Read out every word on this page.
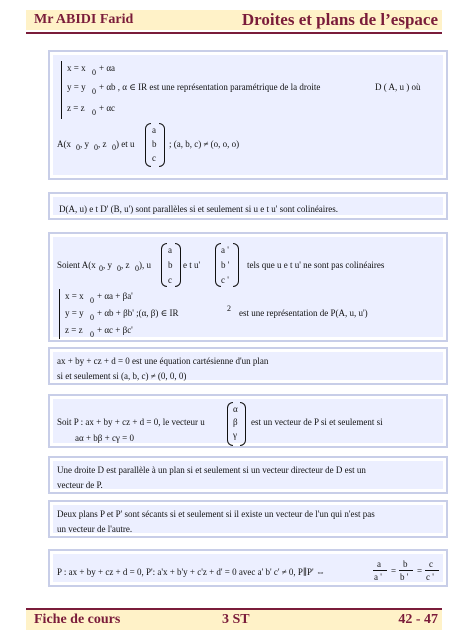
Mr ABIDI Farid	Droites et plans de l’espace
x = x 0 + αa
y = y 0 + αb , α ∈ IR est une représentation paramétrique de la droite	D ( A, u ) où
z = z 0 + αc
A(x 0 , y 0 , z 0 ) et u
a
b
c
; (a, b, c) ≠ (o, o, o)
D(A, u) e t D' (B, u') sont parallèles si et seulement si u e t u' sont colinéaires.
Soient A(x 0 , y 0 , z 0 ), u
a
b
c
e t u'
a '
b '
c '
tels que u e t u' ne sont pas colinéaires
x = x 0 + αa + βa'
y = y 0 + αb + βb' ;(α, β) ∈ IR	2 est une représentation de P(A, u, u')
z = z 0 + αc + βc'
ax + by + cz + d = 0 est une équation cartésienne d'un plan
si et seulement si (a, b, c) ≠ (0, 0, 0)
Soit P : ax + by + cz + d = 0, le vecteur u
α
β
γ
est un vecteur de P si et seulement si
aα + bβ + cγ = 0
Une droite D est parallèle à un plan si et seulement si un vecteur directeur de D est un
vecteur de P.
Deux plans P et P' sont sécants si et seulement si il existe un vecteur de l'un qui n'est pas
un vecteur de l'autre.
P : ax + by + cz + d = 0, P': a'x + b'y + c'z + d' = 0 avec a' b' c' ≠ 0, P∥P' ⇔
a
a '
=
b
b '
=
c
c '
Fiche de cours	3 ST	42 - 47
